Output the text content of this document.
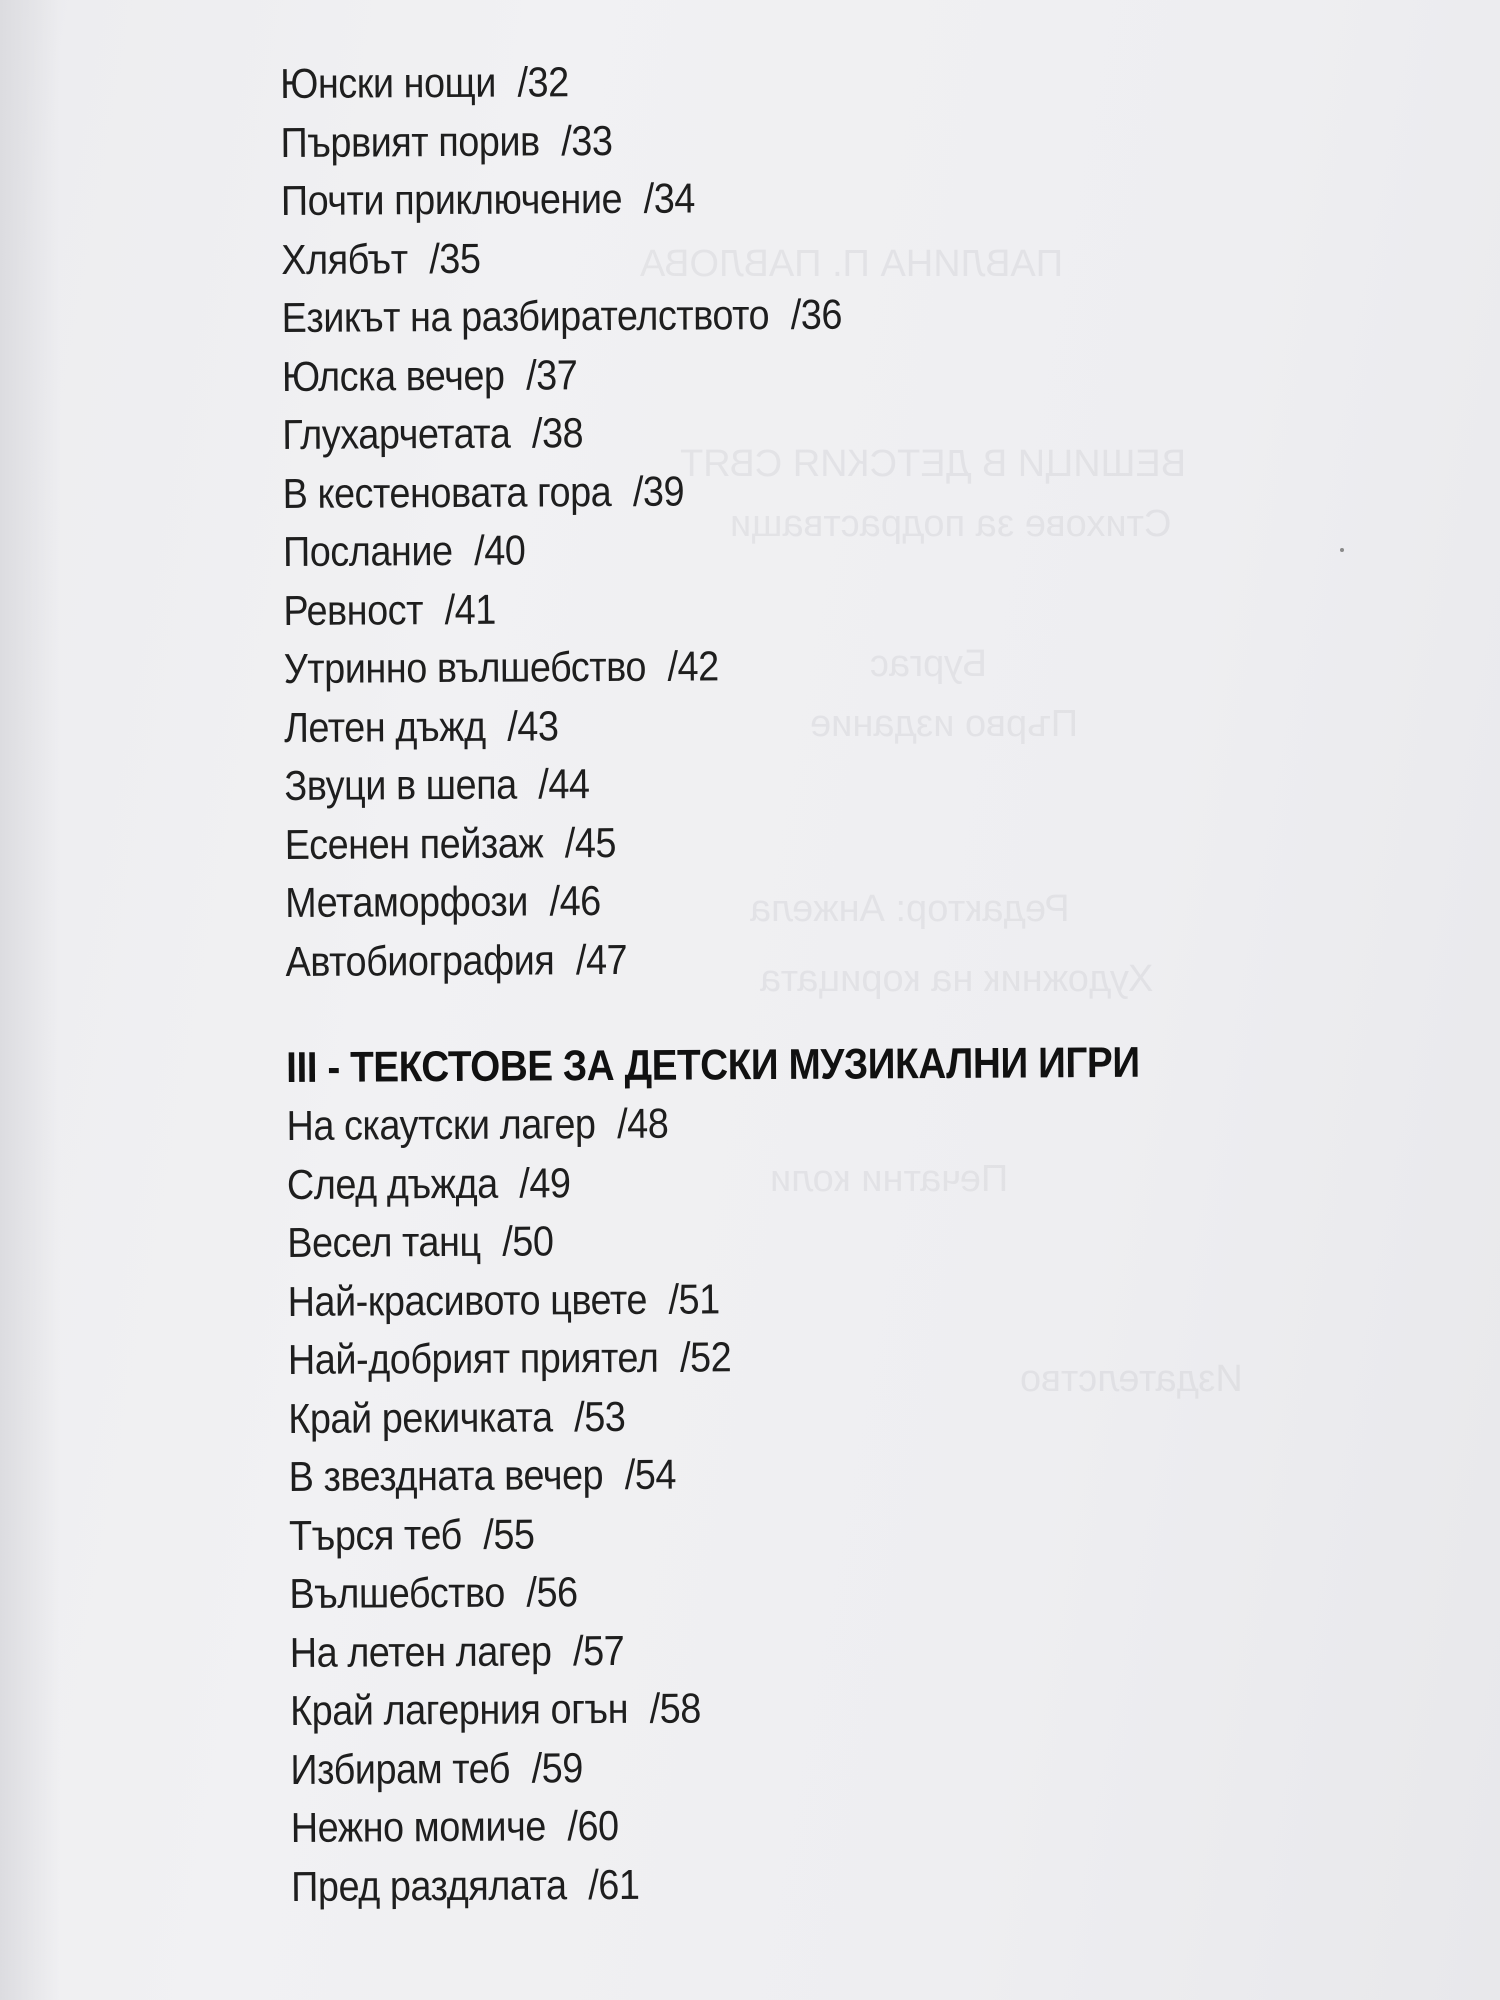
ПАВЛИНА П. ПАВЛОВА
ВЕШИЦИ В ДЕТСКИЯ СВЯТ
Стихове за подрастващи
Бургас
Първо издание
Редактор: Анжела
Художник на корицата
Печатни коли
Издателство
Юнски нощи /32
Първият порив /33
Почти приключение /34
Хлябът /35
Езикът на разбирателството /36
Юлска вечер /37
Глухарчетата /38
В кестеновата гора /39
Послание /40
Ревност /41
Утринно вълшебство /42
Летен дъжд /43
Звуци в шепа /44
Есенен пейзаж /45
Метаморфози /46
Автобиография /47
III - ТЕКСТОВЕ ЗА ДЕТСКИ МУЗИКАЛНИ ИГРИ
На скаутски лагер /48
След дъжда /49
Весел танц /50
Най-красивото цвете /51
Най-добрият приятел /52
Край рекичката /53
В звездната вечер /54
Търся теб /55
Вълшебство /56
На летен лагер /57
Край лагерния огън /58
Избирам теб /59
Нежно момиче /60
Пред раздялата /61
